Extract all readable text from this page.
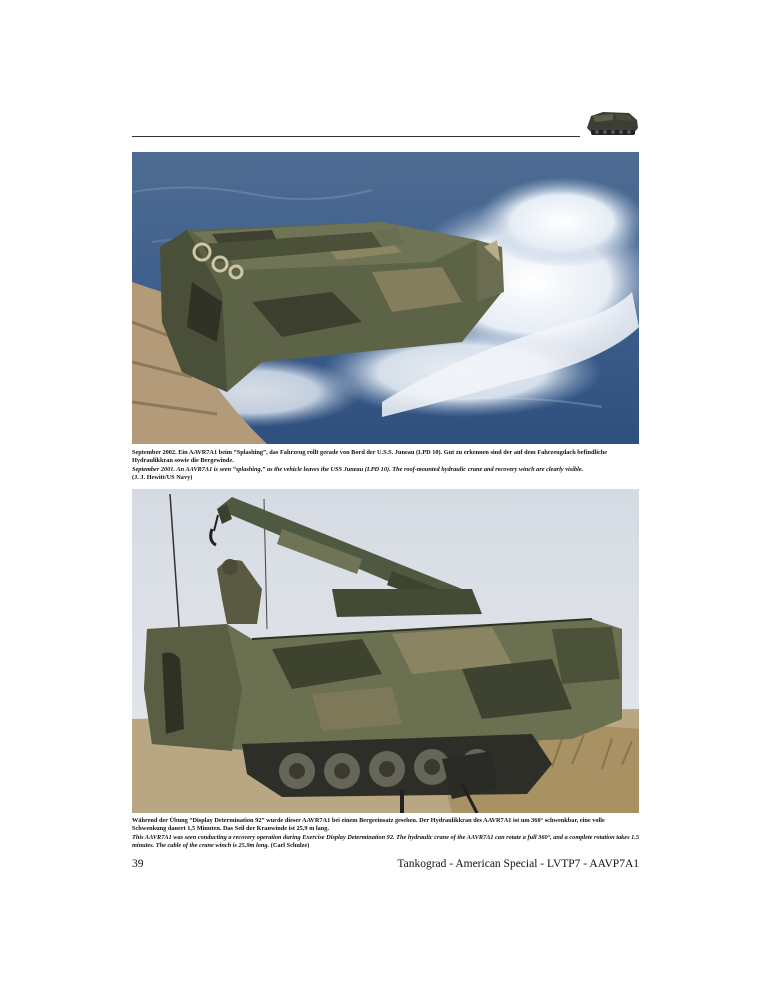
September 2002. Ein AAVR7A1 beim “Splashing”, das Fahrzeug rollt gerade von Bord der U.S.S. Juneau (LPD 10). Gut zu erkennen sind der auf dem Fahrzeugdach befindliche Hydraulikkran sowie die Bergewinde.

September 2001. An AAVR7A1 is seen “splashing,” as the vehicle leaves the USS Juneau (LPD 10). The roof-mounted hydraulic crane and recovery winch are clearly visible.
(J. J. Hewitt/US Navy)

Während der Übung “Display Determination 92” wurde dieser AAVR7A1 bei einem Bergeeinsatz gesehen. Der Hydraulikkran des AAVR7A1 ist um 360° schwenkbar, eine volle Schwenkung dauert 1,5 Minuten. Das Seil der Kranwinde ist 25,9 m lang.

This AAVR7A1 was seen conducting a recovery operation during Exercise Display Determination 92. The hydraulic crane of the AAVR7A1 can rotate a full 360°, and a complete rotation takes 1.5 minutes. The cable of the crane winch is 25.9m long. (Carl Schulze)

39	Tankograd - American Special - LVTP7 - AAVP7A1
